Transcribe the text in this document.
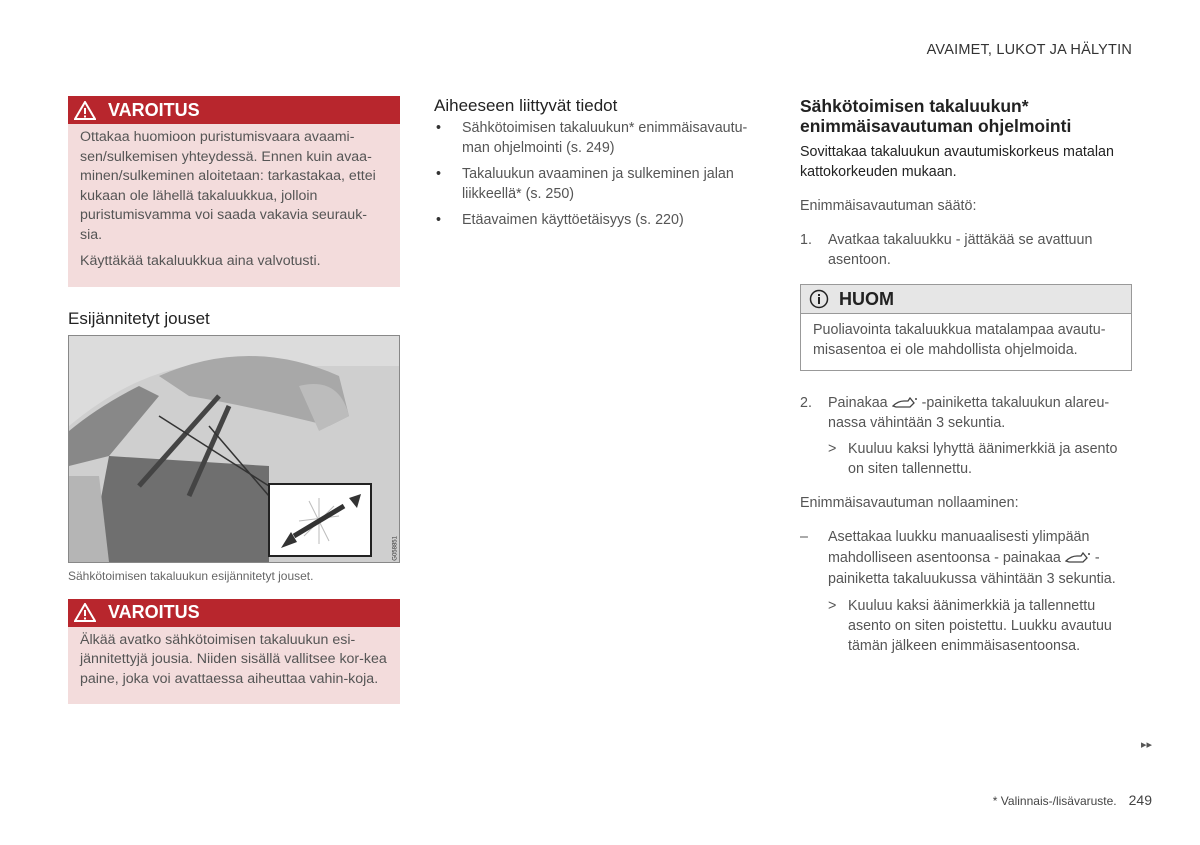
AVAIMET, LUKOT JA HÄLYTIN
VAROITUS

Ottakaa huomioon puristumisvaara avaami-sen/sulkemisen yhteydessä. Ennen kuin avaa-minen/sulkeminen aloitetaan: tarkastakaa, ettei kukaan ole lähellä takaluukkua, jolloin puristumisvamma voi saada vakavia seurauk-sia.

Käyttäkää takaluukkua aina valvotusti.

Esijännitetyt jouset
G058851
Sähkötoimisen takaluukun esijännitetyt jouset.
VAROITUS

Älkää avatko sähkötoimisen takaluukun esi-jännitettyjä jousia. Niiden sisällä vallitsee kor-kea paine, joka voi avattaessa aiheuttaa vahin-koja.

Aiheeseen liittyvät tiedot
• Sähkötoimisen takaluukun* enimmäisavautu-man ohjelmointi (s. 249)
• Takaluukun avaaminen ja sulkeminen jalan liikkeellä* (s. 250)
• Etäavaimen käyttöetäisyys (s. 220)
Sähkötoimisen takaluukun* enimmäisavautuman ohjelmointi
Sovittakaa takaluukun avautumiskorkeus matalan kattokorkeuden mukaan.
Enimmäisavautuman säätö:
1. Avatkaa takaluukku - jättäkää se avattuun asentoon.
HUOM
Puoliavointa takaluukkua matalampaa avautu-misasentoa ei ole mahdollista ohjelmoida.
2. Painakaa -painiketta takaluukun alareu-nassa vähintään 3 sekuntia.
> Kuuluu kaksi lyhyttä äänimerkkiä ja asento on siten tallennettu.
Enimmäisavautuman nollaaminen:
– Asettakaa luukku manuaalisesti ylimpään mahdolliseen asentoonsa - painakaa -painiketta takaluukussa vähintään 3 sekuntia.
> Kuuluu kaksi äänimerkkiä ja tallennettu asento on siten poistettu. Luukku avautuu tämän jälkeen enimmäisasentoonsa.
▸▸
* Valinnais-/lisävaruste. 249
